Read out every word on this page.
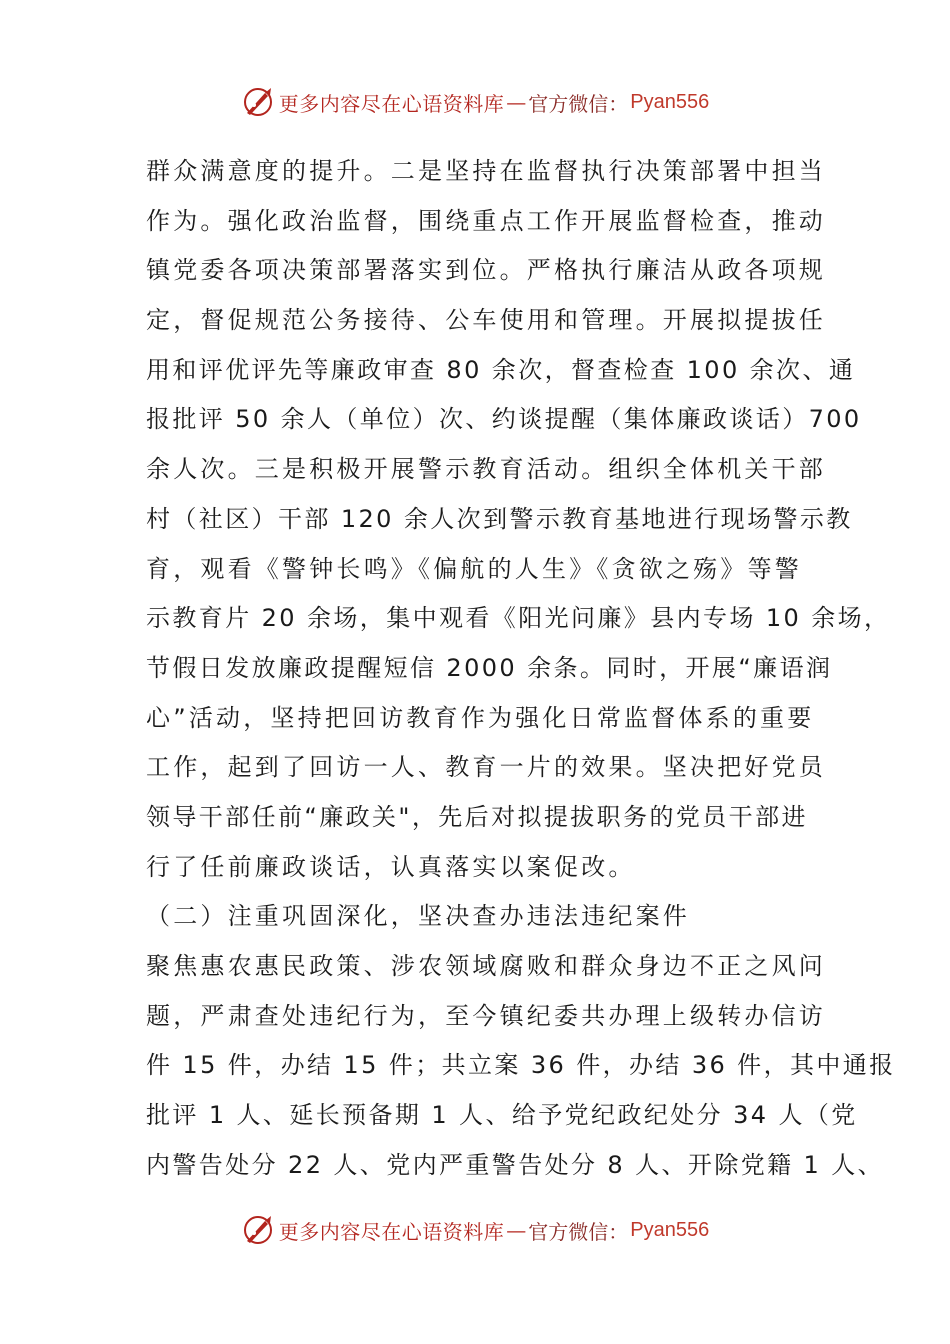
更多内容尽在心语资料库 — 官方微信： Pyan556
群众满意度的提升。二是坚持在监督执行决策部署中担当
作为。强化政治监督，围绕重点工作开展监督检查，推动
镇党委各项决策部署落实到位。严格执行廉洁从政各项规
定，督促规范公务接待、公车使用和管理。开展拟提拔任
用和评优评先等廉政审查 80 余次，督查检查 100 余次、通
报批评 50 余人（单位）次、约谈提醒（集体廉政谈话）700
余人次。三是积极开展警示教育活动。组织全体机关干部
村（社区）干部 120 余人次到警示教育基地进行现场警示教
育，观看《警钟长鸣》《偏航的人生》《贪欲之殇》等警
示教育片 20 余场，集中观看《阳光问廉》县内专场 10 余场，
节假日发放廉政提醒短信 2000 余条。同时，开展“廉语润
心”活动，坚持把回访教育作为强化日常监督体系的重要
工作，起到了回访一人、教育一片的效果。坚决把好党员
领导干部任前“廉政关"，先后对拟提拔职务的党员干部进
行了任前廉政谈话，认真落实以案促改。
（二）注重巩固深化，坚决查办违法违纪案件
聚焦惠农惠民政策、涉农领域腐败和群众身边不正之风问
题，严肃查处违纪行为，至今镇纪委共办理上级转办信访
件 15 件，办结 15 件；共立案 36 件，办结 36 件，其中通报
批评 1 人、延长预备期 1 人、给予党纪政纪处分 34 人（党
内警告处分 22 人、党内严重警告处分 8 人、开除党籍 1 人、
更多内容尽在心语资料库 — 官方微信： Pyan556
